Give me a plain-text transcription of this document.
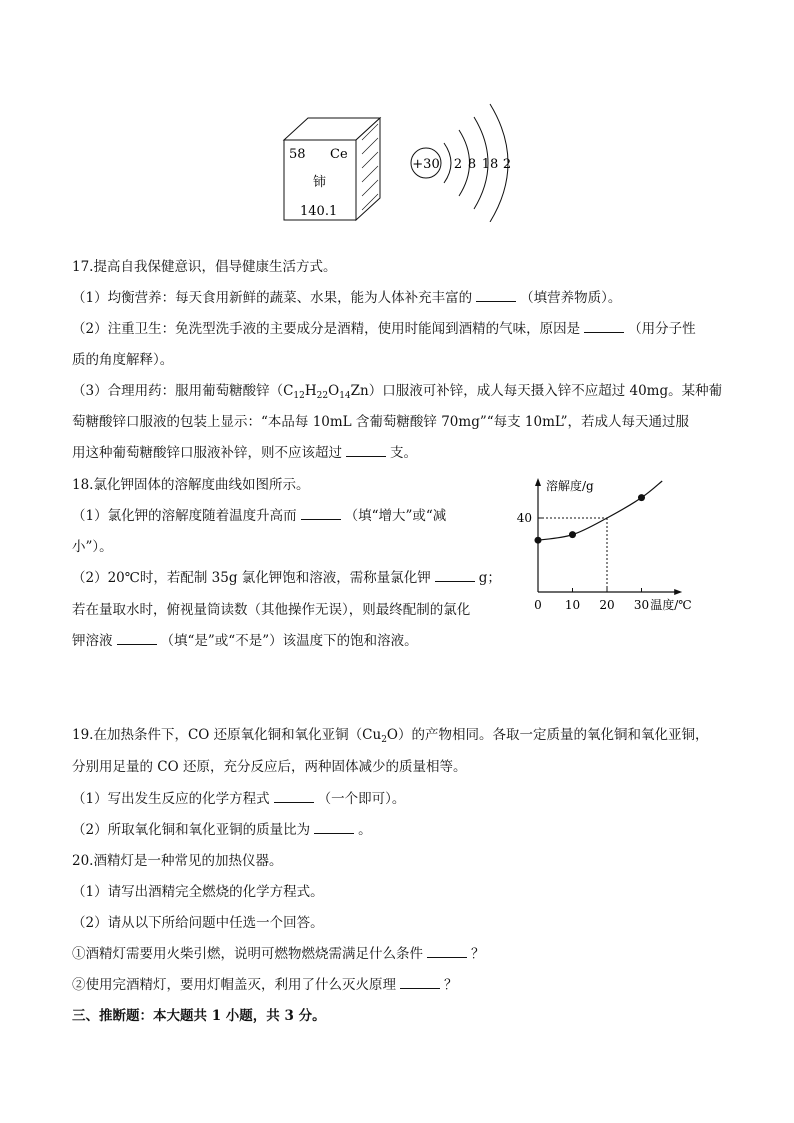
58 Ce
铈
140.1
+30 2 8 18 2
17.提高自我保健意识，倡导健康生活方式。
（1）均衡营养：每天食用新鲜的蔬菜、水果，能为人体补充丰富的	（填营养物质）。
（2）注重卫生：免洗型洗手液的主要成分是酒精，使用时能闻到酒精的气味，原因是	（用分子性
质的角度解释）。
（3）合理用药：服用葡萄糖酸锌$(C_{12}H_{22}O_{14}Zn)$口服液可补锌，成人每天摄入锌不应超过 40mg。某种葡
萄糖酸锌口服液的包装上显示：“本品每 10mL 含葡萄糖酸锌 70mg”“每支 10mL”，若成人每天通过服
用这种葡萄糖酸锌口服液补锌，则不应该超过	支。
18.氯化钾固体的溶解度曲线如图所示。
（1）氯化钾的溶解度随着温度升高而	（填“增大”或“减
小”）。
（2）20℃时，若配制 35g 氯化钾饱和溶液，需称量氯化钾	g；
若在量取水时，俯视量筒读数（其他操作无误），则最终配制的氯化
钾溶液	（填“是”或“不是”）该温度下的饱和溶液。
溶解度/g
温度/℃
0 10 20 30
40
19.在加热条件下，CO 还原氧化铜和氧化亚铜$(Cu_2O)$的产物相同。各取一定质量的氧化铜和氧化亚铜，
分别用足量的 CO 还原，充分反应后，两种固体减少的质量相等。
（1）写出发生反应的化学方程式	（一个即可）。
（2）所取氧化铜和氧化亚铜的质量比为	。
20.酒精灯是一种常见的加热仪器。
（1）请写出酒精完全燃烧的化学方程式。
（2）请从以下所给问题中任选一个回答。
①酒精灯需要用火柴引燃，说明可燃物燃烧需满足什么条件	？
②使用完酒精灯，要用灯帽盖灭，利用了什么灭火原理	？
三、推断题：本大题共 1 小题，共 3 分。
